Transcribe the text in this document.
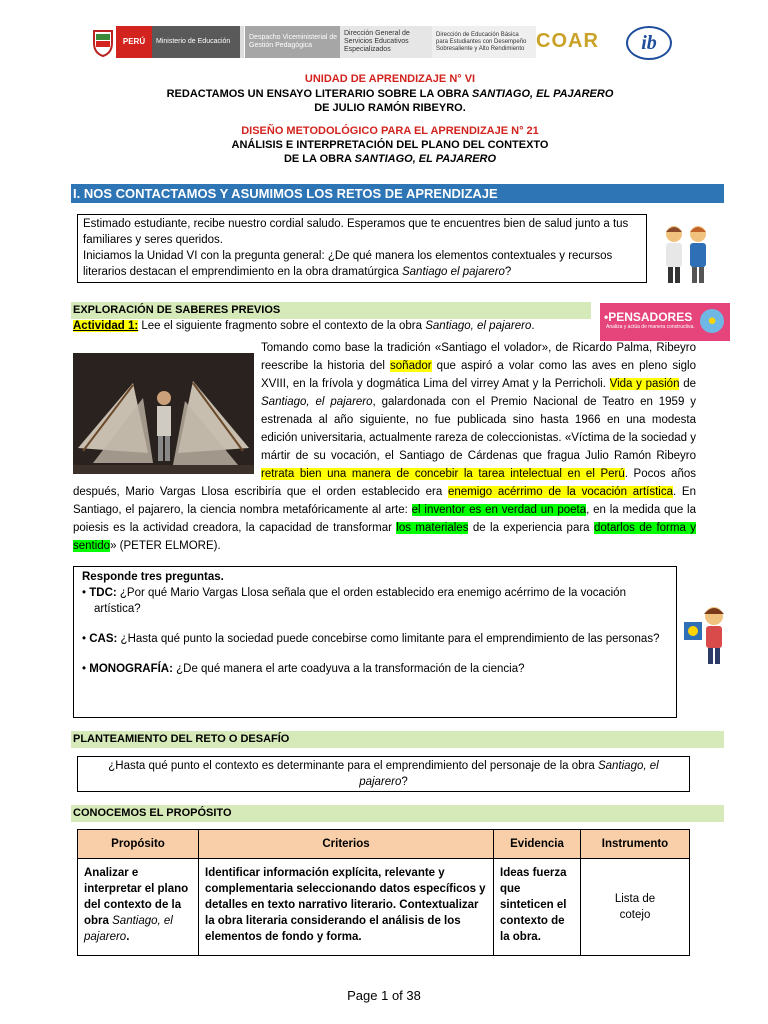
PERÚ	Ministerio de Educación
Despacho Viceministerial de Gestión Pedagógica
Dirección General de Servicios Educativos Especializados
Dirección de Educación Básica para Estudiantes con Desempeño Sobresaliente y Alto Rendimiento COAR	ib
UNIDAD DE APRENDIZAJE N° VI
REDACTAMOS UN ENSAYO LITERARIO SOBRE LA OBRA SANTIAGO, EL PAJARERO
DE JULIO RAMÓN RIBEYRO.
DISEÑO METODOLÓGICO PARA EL APRENDIZAJE N° 21
ANÁLISIS E INTERPRETACIÓN DEL PLANO DEL CONTEXTO
DE LA OBRA SANTIAGO, EL PAJARERO
I. NOS CONTACTAMOS Y ASUMIMOS LOS RETOS DE APRENDIZAJE
Estimado estudiante, recibe nuestro cordial saludo. Esperamos que te encuentres bien de salud junto a tus familiares y seres queridos.
Iniciamos la Unidad VI con la pregunta general: ¿De qué manera los elementos contextuales y recursos literarios destacan el emprendimiento en la obra dramatúrgica Santiago el pajarero?
EXPLORACIÓN DE SABERES PREVIOS	•PENSADORES
Analiza y actúa de manera constructiva. ●
Actividad 1: Lee el siguiente fragmento sobre el contexto de la obra Santiago, el pajarero.
Tomando como base la tradición «Santiago el volador», de Ricardo Palma, Ribeyro reescribe la historia del soñador que aspiró a volar como las aves en pleno siglo XVIII, en la frívola y dogmática Lima del virrey Amat y la Perricholi. Vida y pasión de Santiago, el pajarero, galardonada con el Premio Nacional de Teatro en 1959 y estrenada al año siguiente, no fue publicada sino hasta 1966 en una modesta edición universitaria, actualmente rareza de coleccionistas. «Víctima de la sociedad y mártir de su vocación, el Santiago de Cárdenas que fragua Julio Ramón Ribeyro retrata bien una manera de concebir la tarea intelectual en el Perú. Pocos años después, Mario Vargas Llosa escribiría que el orden establecido era enemigo acérrimo de la vocación artística. En Santiago, el pajarero, la ciencia nombra metafóricamente al arte: el inventor es en verdad un poeta, en la medida que la poiesis es la actividad creadora, la capacidad de transformar los materiales de la experiencia para dotarlos de forma y sentido» (PETER ELMORE).
Responde tres preguntas.
• TDC: ¿Por qué Mario Vargas Llosa señala que el orden establecido era enemigo acérrimo de la vocación artística?
• CAS: ¿Hasta qué punto la sociedad puede concebirse como limitante para el emprendimiento de las personas?
• MONOGRAFÍA: ¿De qué manera el arte coadyuva a la transformación de la ciencia?
PLANTEAMIENTO DEL RETO O DESAFÍO
¿Hasta qué punto el contexto es determinante para el emprendimiento del personaje de la obra Santiago, el pajarero?
CONOCEMOS EL PROPÓSITO
Propósito	Criterios	Evidencia	Instrumento
Analizar e interpretar el plano del contexto de la obra Santiago, el pajarero.	Identificar información explícita, relevante y complementaria seleccionando datos específicos y detalles en texto narrativo literario. Contextualizar la obra literaria considerando el análisis de los elementos de fondo y forma.	Ideas fuerza que sinteticen el contexto de la obra.	Lista de cotejo
Page 1 of 38
